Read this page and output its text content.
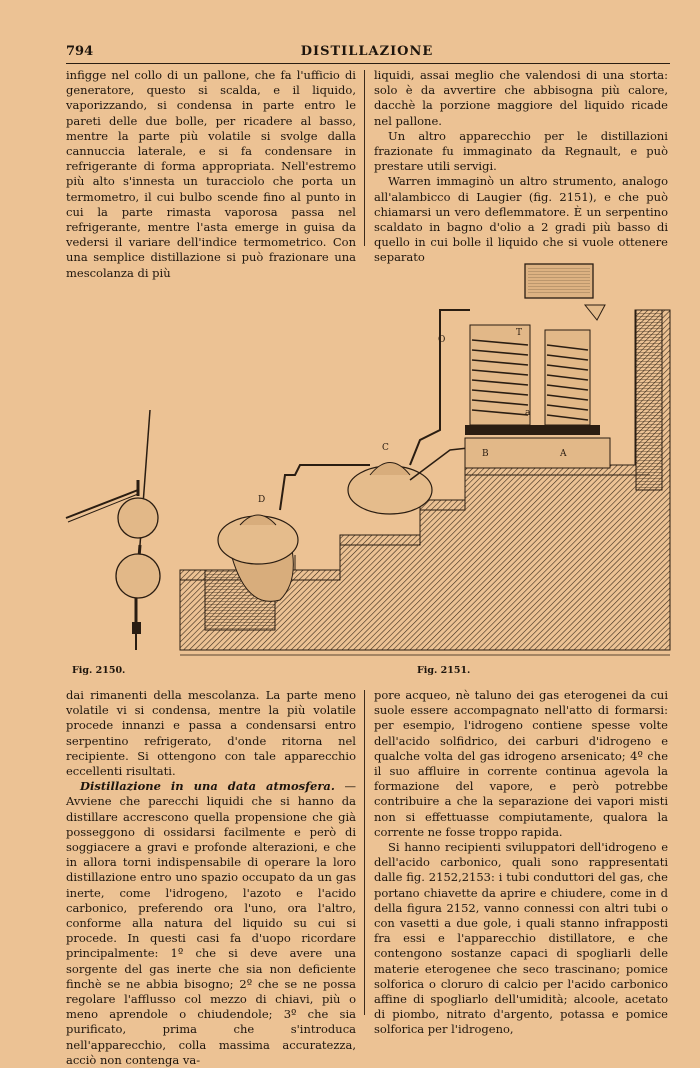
794	DISTILLAZIONE

infigge nel collo di un pallone, che fa l'ufficio di generatore, questo si scalda, e il liquido, vaporizzando, si condensa in parte entro le pareti delle due bolle, per ricadere al basso, mentre la parte più volatile si svolge dalla cannuccia laterale, e si fa condensare in refrigerante di forma appropriata. Nell'estremo più alto s'innesta un turacciolo che porta un termometro, il cui bulbo scende fino al punto in cui la parte rimasta vaporosa passa nel refrigerante, mentre l'asta emerge in guisa da vedersi il variare dell'indice termometrico. Con una semplice distillazione si può frazionare una mescolanza di più

liquidi, assai meglio che valendosi di una storta: solo è da avvertire che abbisogna più calore, dacchè la porzione maggiore del liquido ricade nel pallone.

Un altro apparecchio per le distillazioni frazionate fu immaginato da Regnault, e può prestare utili servigi.

Warren immaginò un altro strumento, analogo all'alambicco di Laugier (fig. 2151), e che può chiamarsi un vero deflemmatore. È un serpentino scaldato in bagno d'olio a 2 gradi più basso di quello in cui bolle il liquido che si vuole ottenere separato

D
C
O
T
a
B	A
Fig. 2150.	Fig. 2151.

dai rimanenti della mescolanza. La parte meno volatile vi si condensa, mentre la più volatile procede innanzi e passa a condensarsi entro serpentino refrigerato, d'onde ritorna nel recipiente. Si ottengono con tale apparecchio eccellenti risultati.

Distillazione in una data atmosfera. — Avviene che parecchi liquidi che si hanno da distillare accrescono quella propensione che già posseggono di ossidarsi facilmente e però di soggiacere a gravi e profonde alterazioni, e che in allora torni indispensabile di operare la loro distillazione entro uno spazio occupato da un gas inerte, come l'idrogeno, l'azoto e l'acido carbonico, preferendo ora l'uno, ora l'altro, conforme alla natura del liquido su cui si procede. In questi casi fa d'uopo ricordare principalmente: 1º che si deve avere una sorgente del gas inerte che sia non deficiente finchè se ne abbia bisogno; 2º che se ne possa regolare l'afflusso col mezzo di chiavi, più o meno aprendole o chiudendole; 3º che sia purificato, prima che s'introduca nell'apparecchio, colla massima accuratezza, acciò non contenga va-

pore acqueo, nè taluno dei gas eterogenei da cui suole essere accompagnato nell'atto di formarsi: per esempio, l'idrogeno contiene spesse volte dell'acido solfidrico, dei carburi d'idrogeno e qualche volta del gas idrogeno arsenicato; 4º che il suo affluire in corrente continua agevola la formazione del vapore, e però potrebbe contribuire a che la separazione dei vapori misti non si effettuasse compiutamente, qualora la corrente ne fosse troppo rapida.

Si hanno recipienti sviluppatori dell'idrogeno e dell'acido carbonico, quali sono rappresentati dalle fig. 2152,2153: i tubi conduttori del gas, che portano chiavette da aprire e chiudere, come in d della figura 2152, vanno connessi con altri tubi o con vasetti a due gole, i quali stanno infrapposti fra essi e l'apparecchio distillatore, e che contengono sostanze capaci di spogliarli delle materie eterogenee che seco trascinano; pomice solforica o cloruro di calcio per l'acido carbonico affine di spogliarlo dell'umidità; alcoole, acetato di piombo, nitrato d'argento, potassa e pomice solforica per l'idrogeno,
